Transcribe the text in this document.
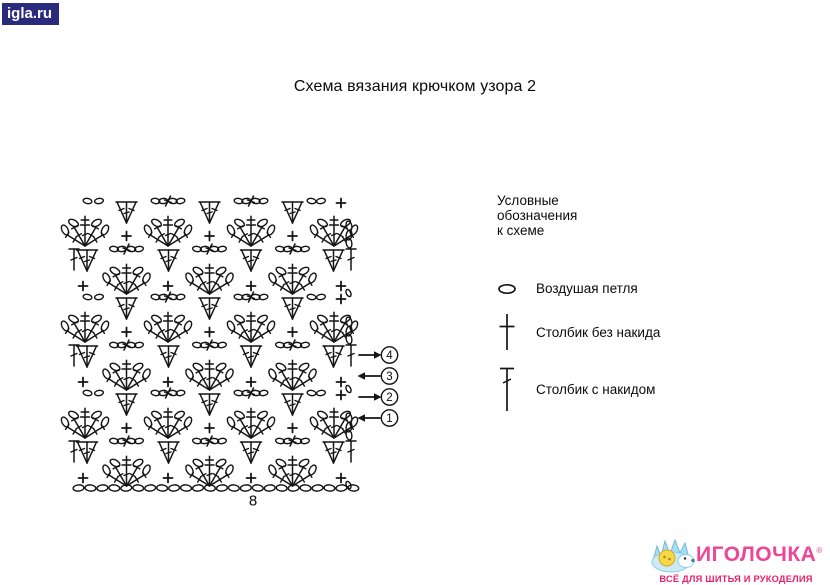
igla.ru
Схема вязания крючком узора 2
8
4
3
2
1
Условные обозначения к схеме
Воздушая петля
Столбик без накида
Столбик с накидом
ИГОЛОЧКА®
ВСЁ ДЛЯ ШИТЬЯ И РУКОДЕЛИЯ
